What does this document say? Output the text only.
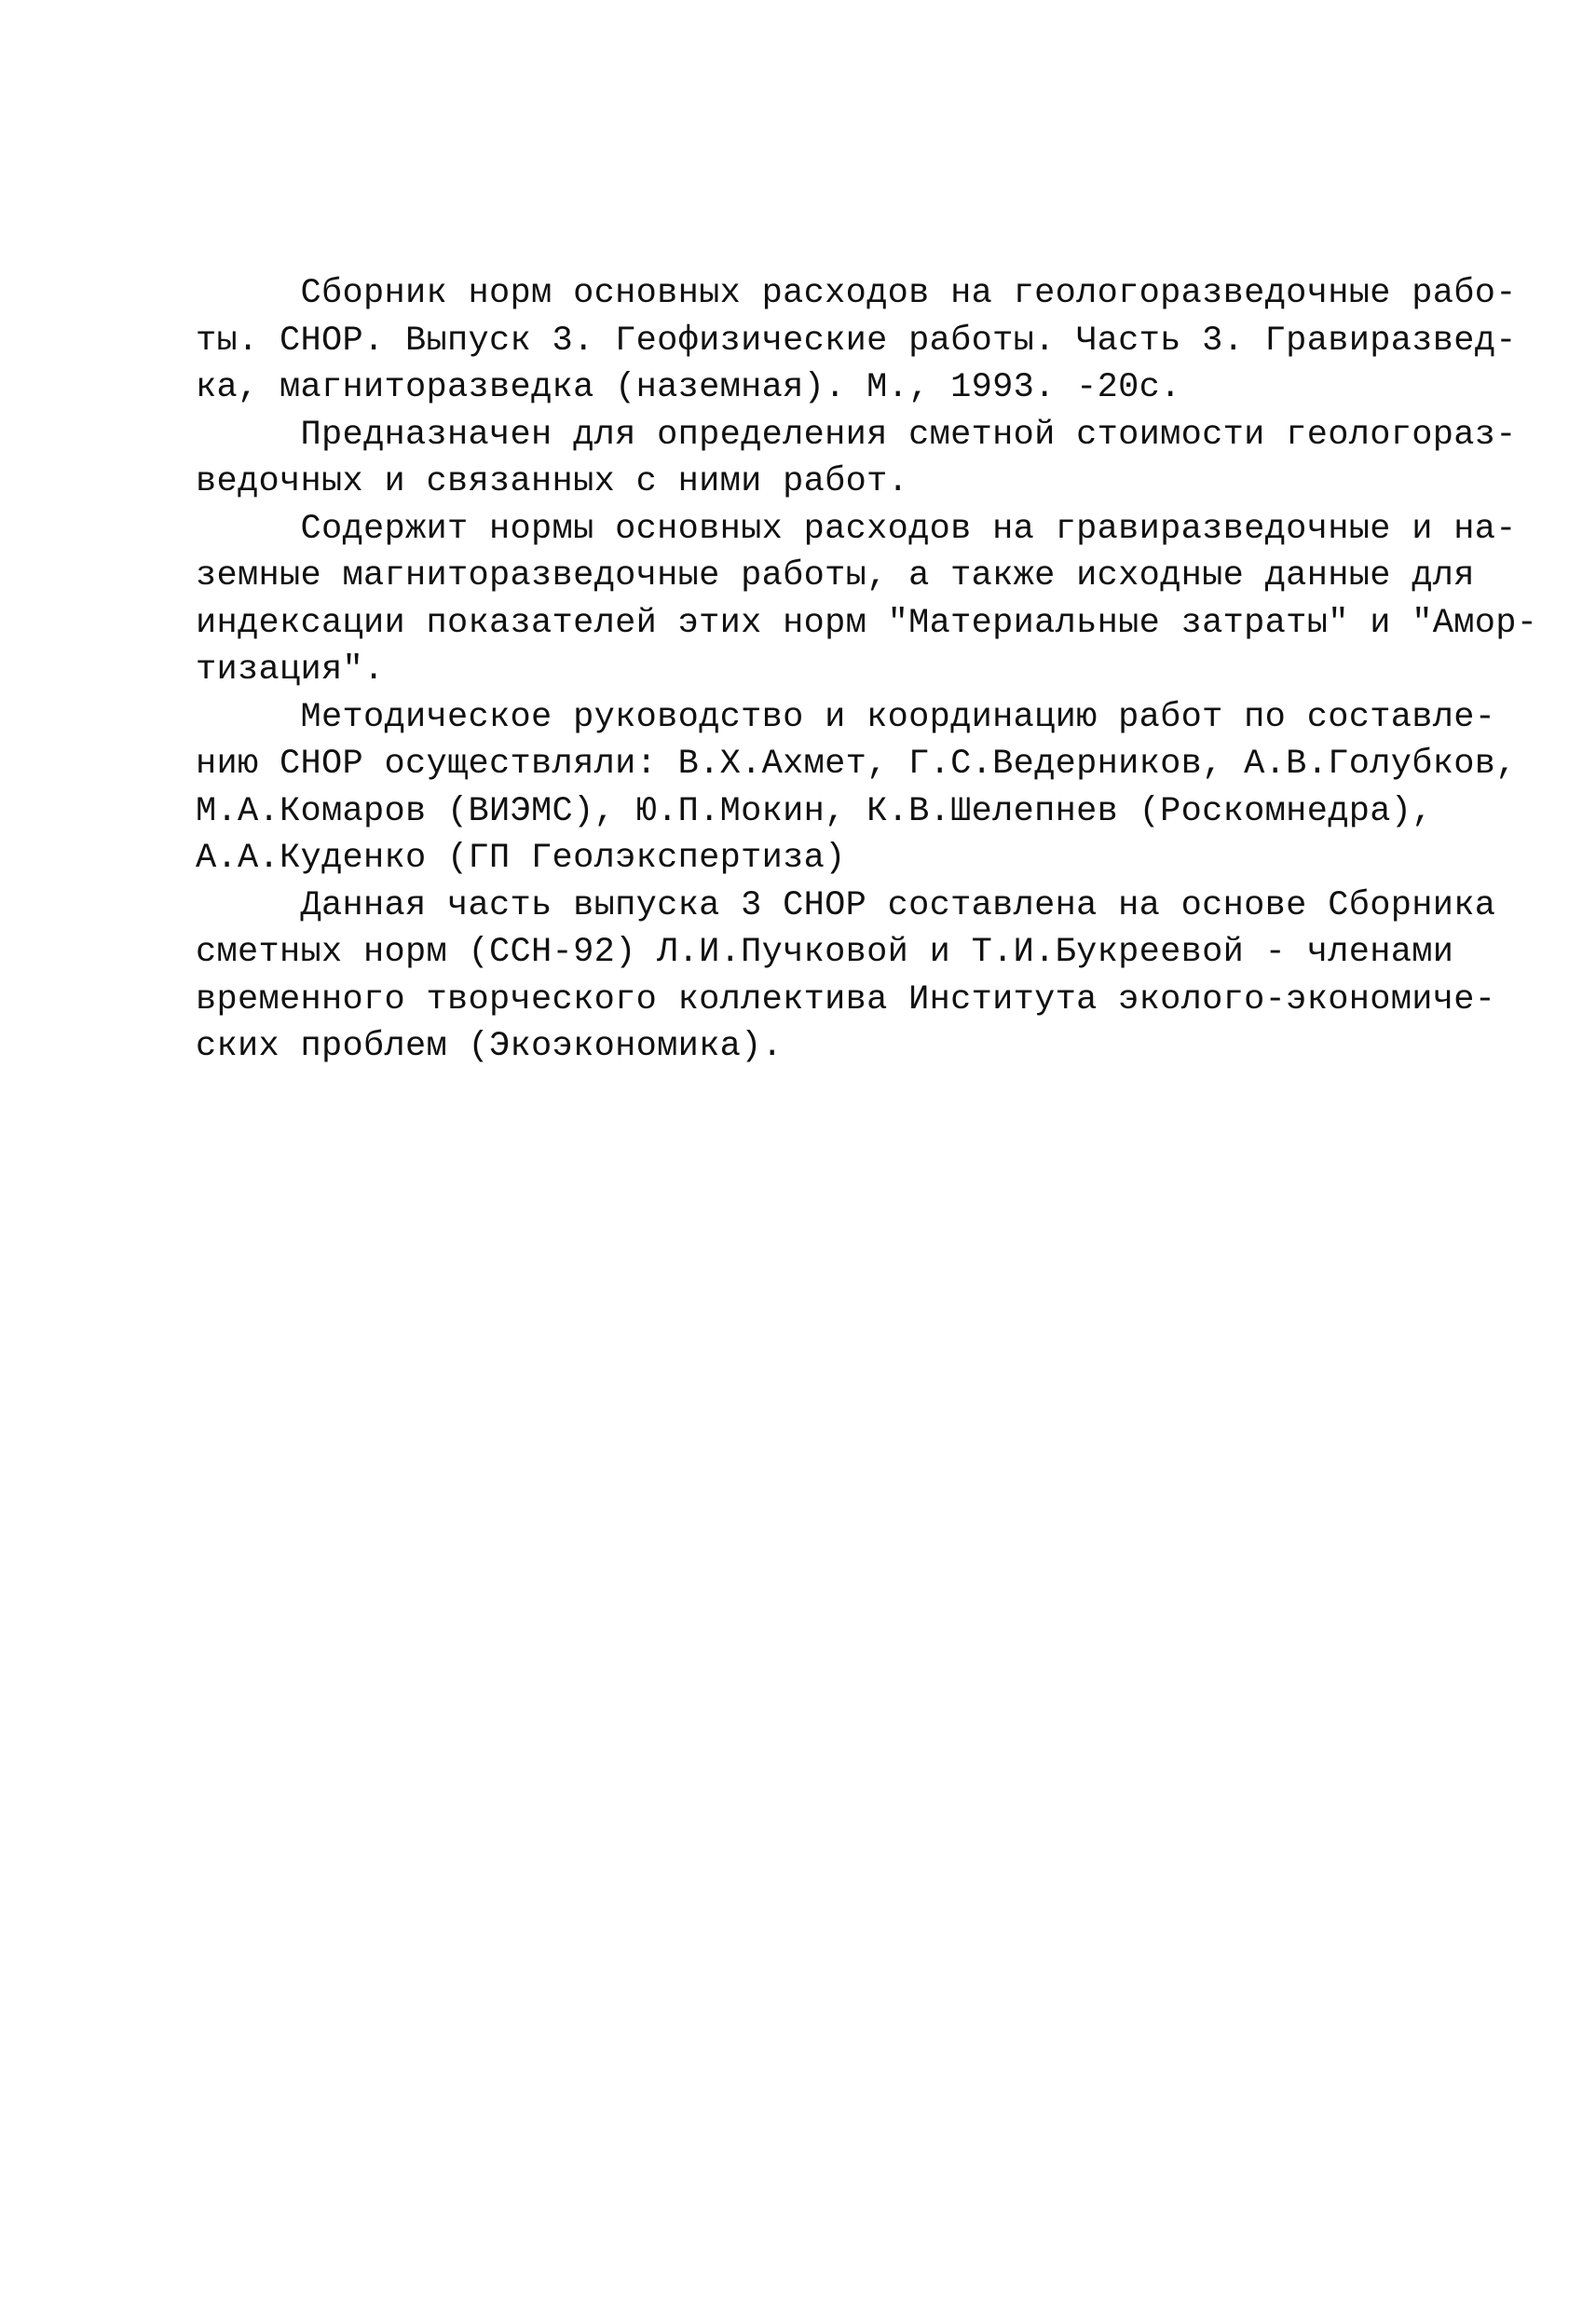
Сборник норм основных расходов на геологоразведочные рабо-
ты. СНОР. Выпуск 3. Геофизические работы. Часть 3. Гравиразвед-
ка, магниторазведка (наземная). М., 1993. -20с.
Предназначен для определения сметной стоимости геологораз-
ведочных и связанных с ними работ.
Содержит нормы основных расходов на гравиразведочные и на-
земные магниторазведочные работы, а также исходные данные для
индексации показателей этих норм "Материальные затраты" и "Амор-
тизация".
Методическое руководство и координацию работ по составле-
нию СНОР осуществляли: В.Х.Ахмет, Г.С.Ведерников, А.В.Голубков,
М.А.Комаров (ВИЭМС), Ю.П.Мокин, К.В.Шелепнев (Роскомнедра),
А.А.Куденко (ГП Геолэкспертиза)
Данная часть выпуска 3 СНОР составлена на основе Сборника
сметных норм (ССН-92) Л.И.Пучковой и Т.И.Букреевой - членами
временного творческого коллектива Института эколого-экономиче-
ских проблем (Экоэкономика).
